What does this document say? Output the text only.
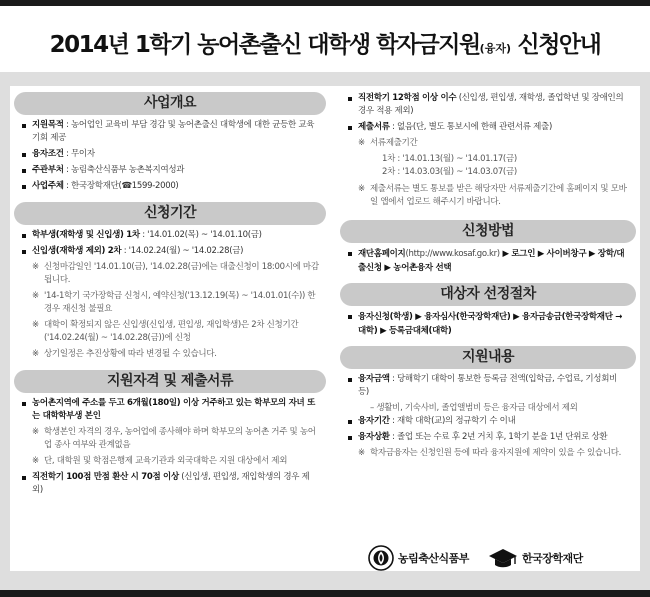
2014년 1학기 농어촌출신 대학생 학자금지원(융자) 신청안내
사업개요
지원목적 : 농어업인 교육비 부담 경감 및 농어촌출신 대학생에 대한 균등한 교육기회 제공
융자조건 : 무이자
주관부처 : 농림축산식품부 농촌복지여성과
사업주체 : 한국장학재단(☎1599-2000)
신청기간
학부생(재학생 및 신입생) 1차 : '14.01.02(목) ~ '14.01.10(금)
신입생(재학생 제외) 2차 : '14.02.24(월) ~ '14.02.28(금)
※ 신청마감일인 '14.01.10(금), '14.02.28(금)에는 대출신청이 18:00시에 마감됩니다.
※ '14-1학기 국가장학금 신청시, 예약신청('13.12.19(목) ~ '14.01.01(수)) 한 경우 재신청 불필요
※ 대학이 확정되지 않은 신입생(신입생, 편입생, 재입학생)은 2차 신청기간('14.02.24(월) ~ '14.02.28(금))에 신청
※ 상기일정은 추진상황에 따라 변경될 수 있습니다.
지원자격 및 제출서류
농어촌지역에 주소를 두고 6개월(180일) 이상 거주하고 있는 학부모의 자녀 또는 대학학부생 본인
※ 학생본인 자격의 경우, 농어업에 종사해야 하며 학부모의 농어촌 거주 및 농어업 종사 여부와 관계없음
※ 단, 대학원 및 학점은행제 교육기관과 외국대학은 지원 대상에서 제외
직전학기 100점 만점 환산 시 70점 이상 (신입생, 편입생, 재입학생의 경우 제외)
직전학기 12학점 이상 이수 (신입생, 편입생, 재학생, 졸업학년 및 장애인의 경우 적용 제외)
제출서류 : 없음(단, 별도 통보시에 한해 관련서류 제출)
※ 서류제출기간
1차 : '14.01.13(월) ~ '14.01.17(금)
2차 : '14.03.03(월) ~ '14.03.07(금)
※ 제출서류는 별도 통보를 받은 해당자만 서류제출기간에 홈페이지 및 모바일 앱에서 업로드 해주시기 바랍니다.
신청방법
재단홈페이지(http://www.kosaf.go.kr) ▶ 로그인 ▶ 사이버창구 ▶ 장학/대출신청 ▶ 농어촌융자 선택
대상자 선정절차
융자신청(학생) ▶ 융자심사(한국장학재단) ▶ 융자금송금(한국장학재단 → 대학) ▶ 등록금대체(대학)
지원내용
융자금액 : 당해학기 대학이 통보한 등록금 전액(입학금, 수업료, 기성회비 등)
– 생활비, 기숙사비, 졸업앨범비 등은 융자금 대상에서 제외
융자기간 : 재학 대학(교)의 정규학기 수 이내
융자상환 : 졸업 또는 수료 후 2년 거치 후, 1학기 분을 1년 단위로 상환
※ 학자금융자는 신청인원 등에 따라 융자지원에 제약이 있을 수 있습니다.
농림축산식품부	한국장학재단
